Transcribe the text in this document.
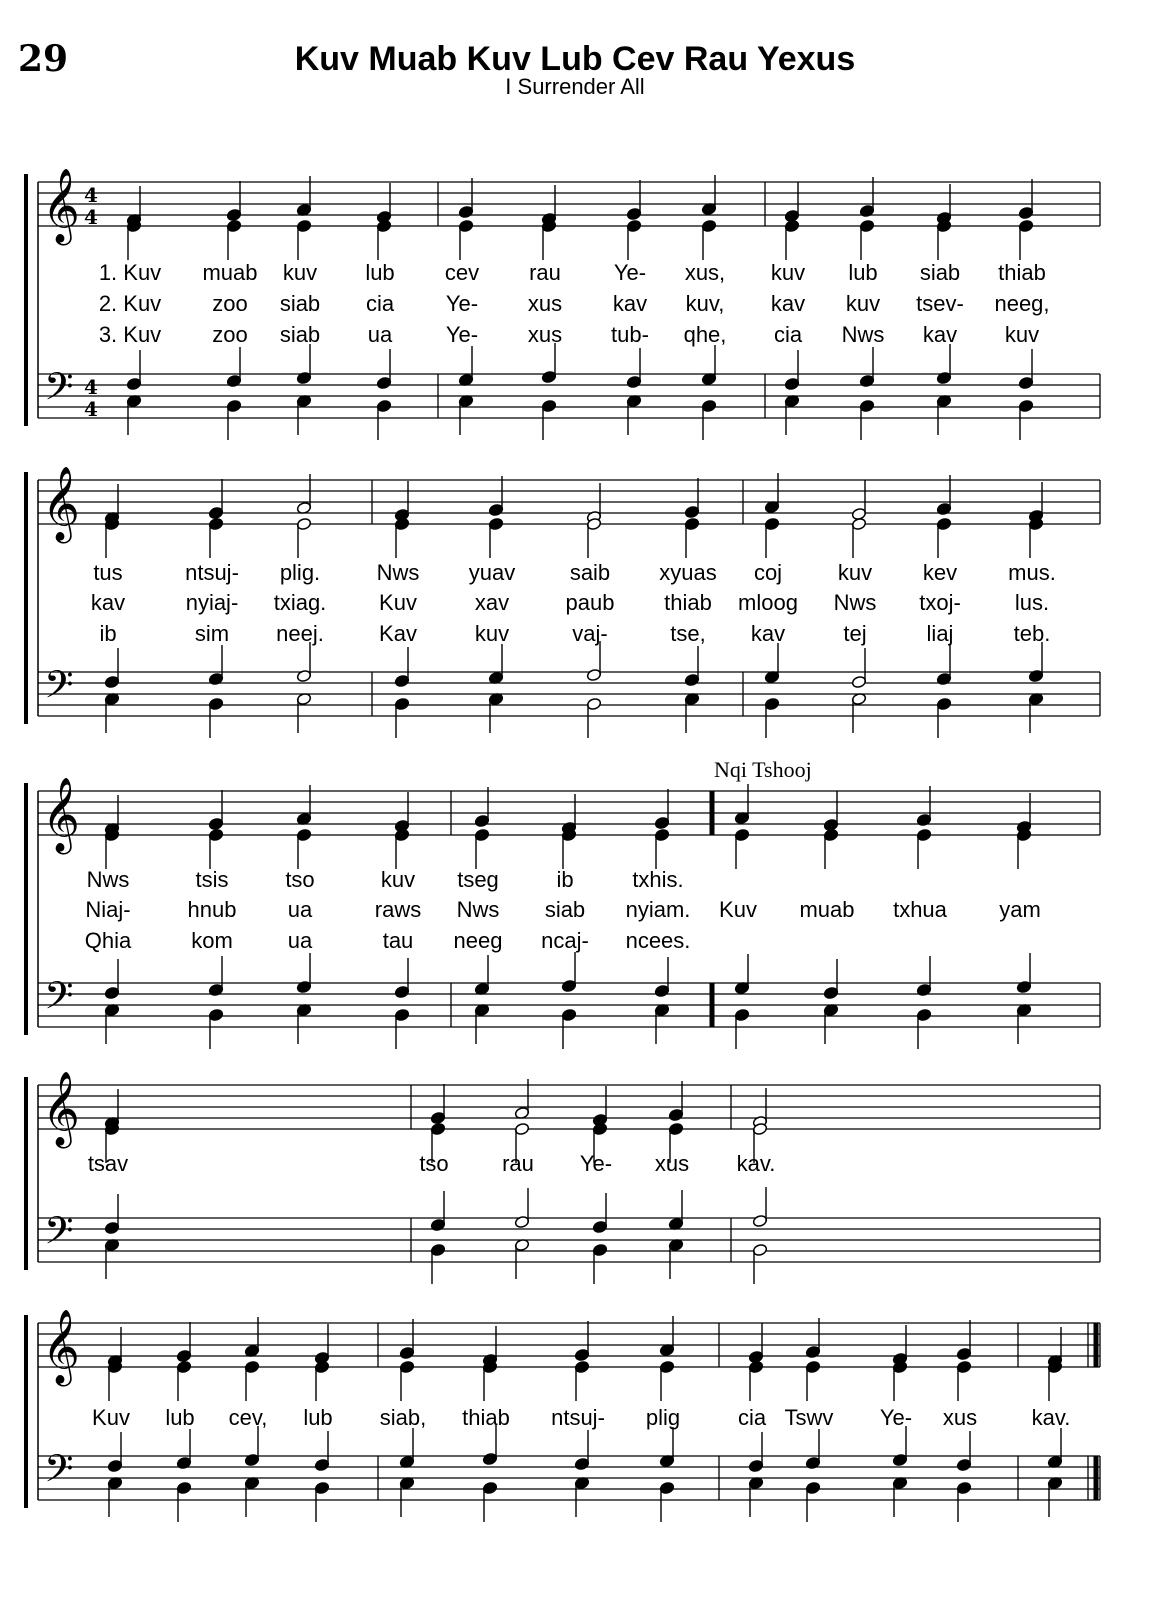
29	Kuv Muab Kuv Lub Cev Rau Yexus
I Surrender All
𝄞
𝄢
4
4
4
4
𝄞
𝄢
𝄞
𝄢
Nqi Tshooj
𝄞
𝄢
𝄞
𝄢
1. Kuv muab kuv lub cev rau Ye- xus, kuv lub siab thiab
2. Kuv zoo siab cia Ye- xus kav kuv, kav kuv tsev- neeg,
3. Kuv zoo siab ua Ye- xus tub- qhe, cia Nws kav kuv
tus	ntsuj- plig.	Nws yuav saib xyuas coj	kuv kev mus.
kav	nyiaj- txiag. Kuv	xav	paub thiab mloog Nws txoj- lus.
ib	sim neej.	Kav	kuv	vaj-	tse, kav	tej	liaj	teb.
Nws	tsis	tso	kuv tseg	ib	txhis.
Niaj-	hnub ua	raws Nws siab nyiam. Kuv muab txhua yam
Qhia	kom ua	tau neeg ncaj- ncees.
tsav	tso rau Ye- xus kav.
Kuv lub cev, lub siab, thiab ntsuj- plig	cia Tswv Ye- xus kav.
